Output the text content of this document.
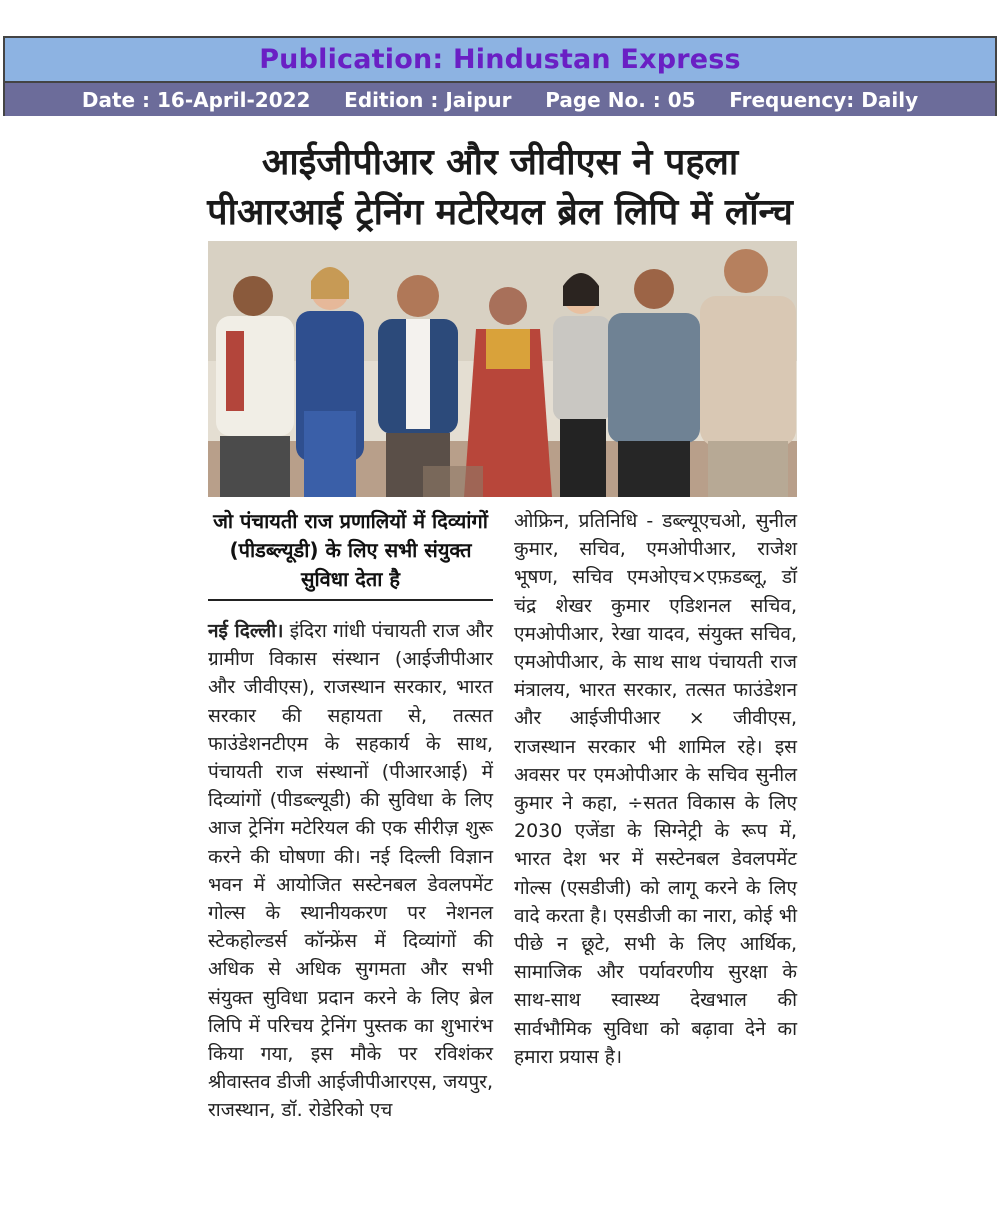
Publication: Hindustan Express
Date : 16-April-2022 Edition : Jaipur Page No. : 05 Frequency: Daily
आईजीपीआर और जीवीएस ने पहला पीआरआई ट्रेनिंग मटेरियल ब्रेल लिपि में लॉन्च
जो पंचायती राज प्रणालियों में दिव्यांगों (पीडब्ल्यूडी) के लिए सभी संयुक्त सुविधा देता है
नई दिल्ली। इंदिरा गांधी पंचायती राज और ग्रामीण विकास संस्थान (आईजीपीआर और जीवीएस), राजस्थान सरकार, भारत सरकार की सहायता से, तत्सत फाउंडेशनटीएम के सहकार्य के साथ, पंचायती राज संस्थानों (पीआरआई) में दिव्यांगों (पीडब्ल्यूडी) की सुविधा के लिए आज ट्रेनिंग मटेरियल की एक सीरीज़ शुरू करने की घोषणा की। नई दिल्ली विज्ञान भवन में आयोजित सस्टेनबल डेवलपमेंट गोल्स के स्थानीयकरण पर नेशनल स्टेकहोल्डर्स कॉन्फ्रेंस में दिव्यांगों की अधिक से अधिक सुगमता और सभी संयुक्त सुविधा प्रदान करने के लिए ब्रेल लिपि में परिचय ट्रेनिंग पुस्तक का शुभारंभ किया गया, इस मौके पर रविशंकर श्रीवास्तव डीजी आईजीपीआरएस, जयपुर, राजस्थान, डॉ. रोडेरिको एच
ओफ्रिन, प्रतिनिधि - डब्ल्यूएचओ, सुनील कुमार, सचिव, एमओपीआर, राजेश भूषण, सचिव एमओएच×एफ़डब्लू, डॉ चंद्र शेखर कुमार एडिशनल सचिव, एमओपीआर, रेखा यादव, संयुक्त सचिव, एमओपीआर, के साथ साथ पंचायती राज मंत्रालय, भारत सरकार, तत्सत फाउंडेशन और आईजीपीआर × जीवीएस, राजस्थान सरकार भी शामिल रहे। इस अवसर पर एमओपीआर के सचिव सुनील कुमार ने कहा, ÷सतत विकास के लिए 2030 एजेंडा के सिग्नेट्री के रूप में, भारत देश भर में सस्टेनबल डेवलपमेंट गोल्स (एसडीजी) को लागू करने के लिए वादे करता है। एसडीजी का नारा, कोई भी पीछे न छूटे, सभी के लिए आर्थिक, सामाजिक और पर्यावरणीय सुरक्षा के साथ-साथ स्वास्थ्य देखभाल की सार्वभौमिक सुविधा को बढ़ावा देने का हमारा प्रयास है।
